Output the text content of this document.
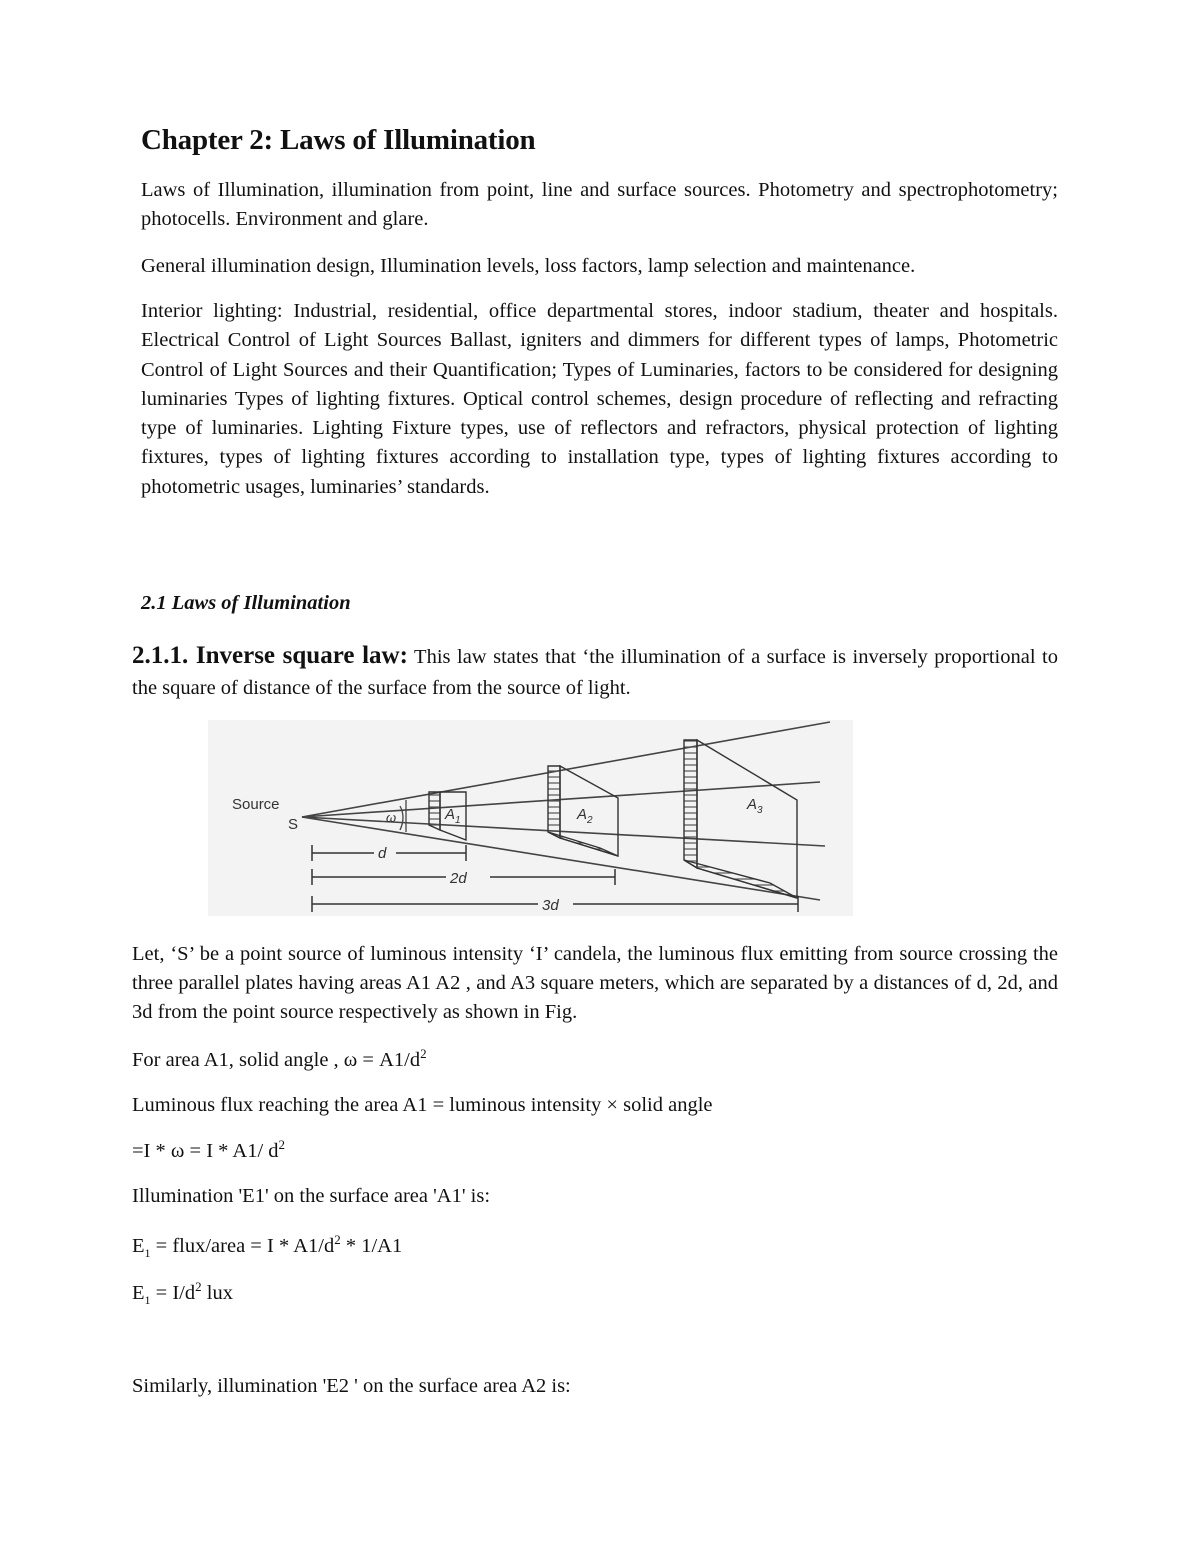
Chapter 2: Laws of Illumination

Laws of Illumination, illumination from point, line and surface sources. Photometry and spectrophotometry; photocells. Environment and glare.

General illumination design, Illumination levels, loss factors, lamp selection and maintenance.

Interior lighting: Industrial, residential, office departmental stores, indoor stadium, theater and hospitals. Electrical Control of Light Sources Ballast, igniters and dimmers for different types of lamps, Photometric Control of Light Sources and their Quantification; Types of Luminaries, factors to be considered for designing luminaries Types of lighting fixtures. Optical control schemes, design procedure of reflecting and refracting type of luminaries. Lighting Fixture types, use of reflectors and refractors, physical protection of lighting fixtures, types of lighting fixtures according to installation type, types of lighting fixtures according to photometric usages, luminaries’ standards.

2.1 Laws of Illumination

2.1.1. Inverse square law: This law states that ‘the illumination of a surface is inversely proportional to the square of distance of the surface from the source of light.

ω
Source
S
$A_1$	$A_2$
$A_3$
d
2d
3d

Let, ‘S’ be a point source of luminous intensity ‘I’ candela, the luminous flux emitting from source crossing the three parallel plates having areas A1 A2 , and A3 square meters, which are separated by a distances of d, 2d, and 3d from the point source respectively as shown in Fig.

For area A1, solid angle , $\omega = A1/d^2$

Luminous flux reaching the area A1 = luminous intensity × solid angle

=I * ω = I * A1/ $d^2$

Illumination 'E1' on the surface area 'A1' is:

$E_1$ = flux/area = I * $A1/d^2 * 1/A1$

$E_1 = I/d^2$ lux

Similarly, illumination 'E2 ' on the surface area A2 is:
